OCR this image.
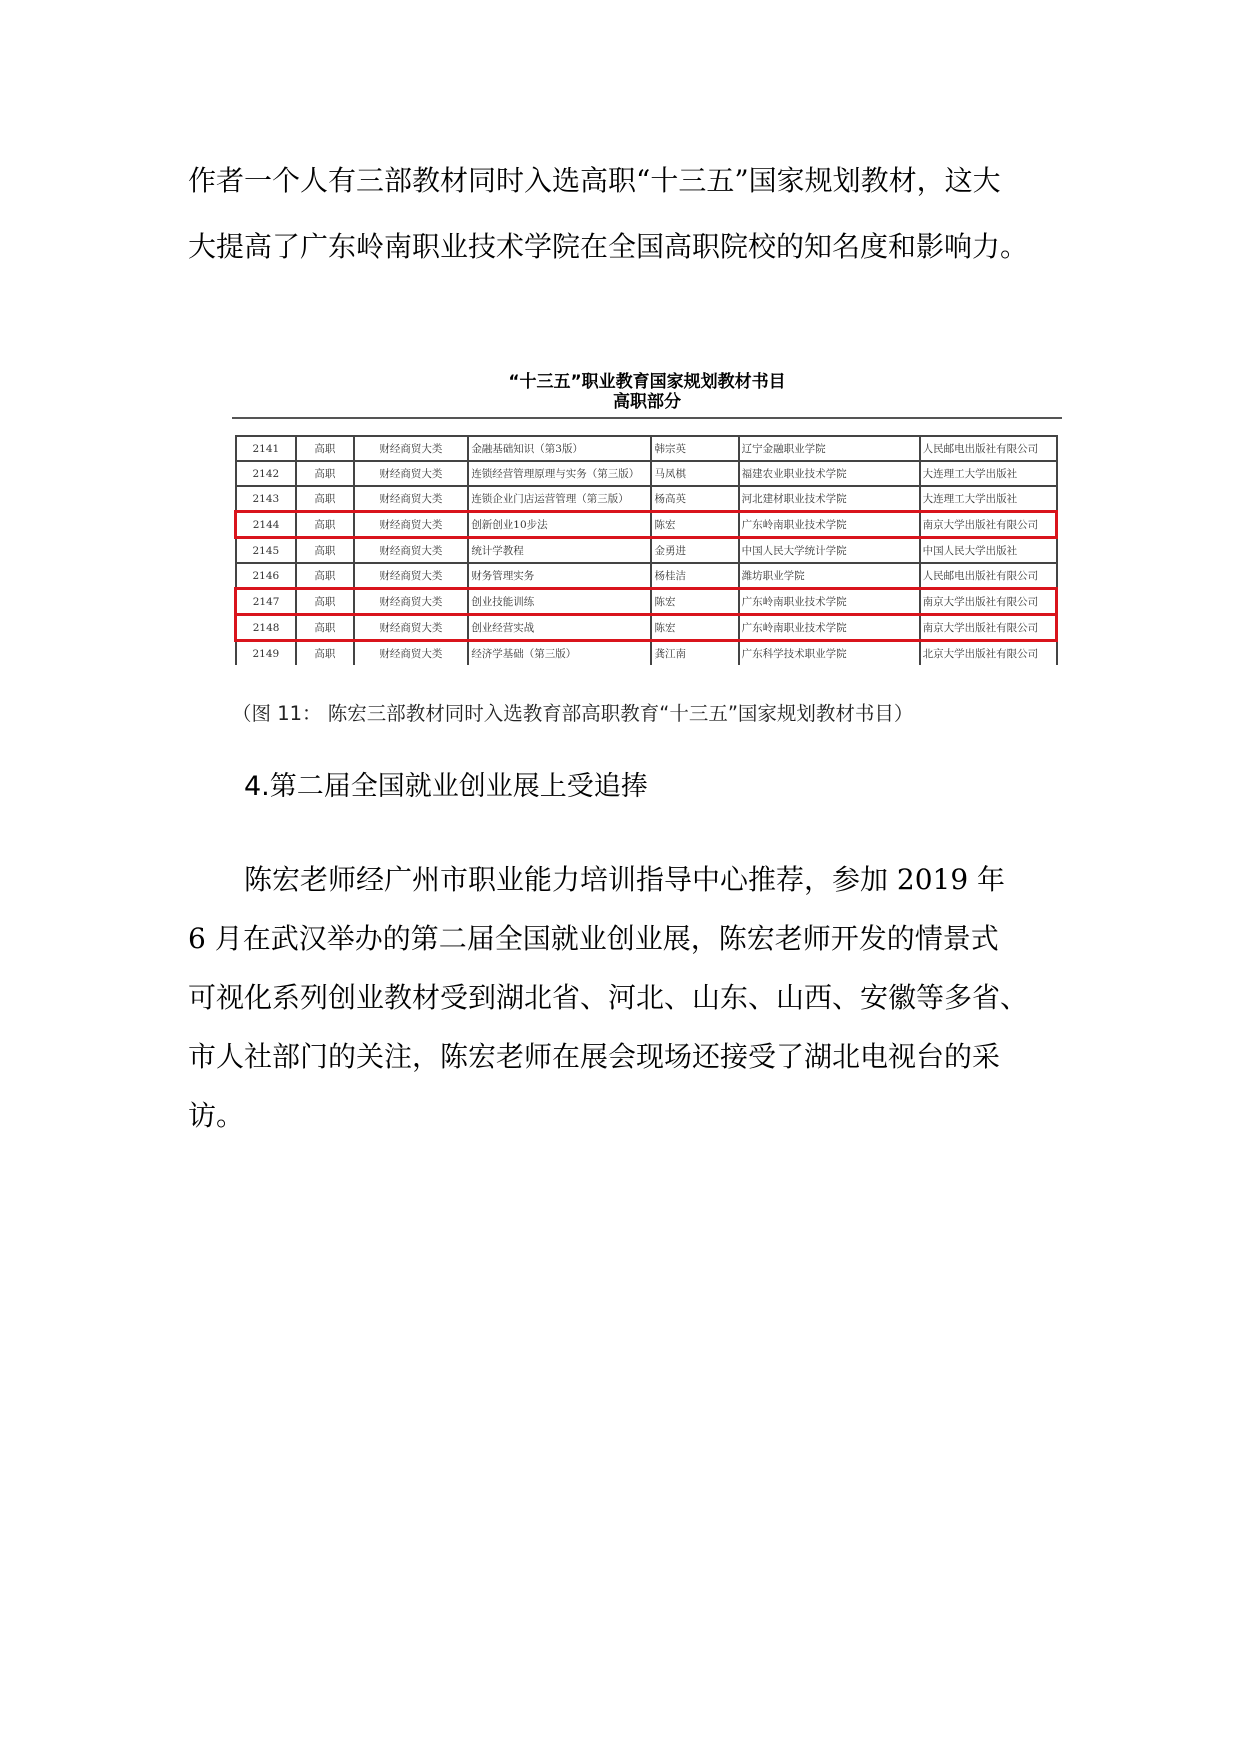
作者一个人有三部教材同时入选高职“十三五”国家规划教材，这大
大提高了广东岭南职业技术学院在全国高职院校的知名度和影响力。

“十三五”职业教育国家规划教材书目
高职部分
2141	高职	财经商贸大类	金融基础知识（第3版）	韩宗英	辽宁金融职业学院	人民邮电出版社有限公司
2142	高职	财经商贸大类	连锁经营管理原理与实务（第三版）	马凤棋	福建农业职业技术学院	大连理工大学出版社
2143	高职	财经商贸大类	连锁企业门店运营管理（第三版）	杨高英	河北建材职业技术学院	大连理工大学出版社
2144	高职	财经商贸大类	创新创业10步法	陈宏	广东岭南职业技术学院	南京大学出版社有限公司
2145	高职	财经商贸大类	统计学教程	金勇进	中国人民大学统计学院	中国人民大学出版社
2146	高职	财经商贸大类	财务管理实务	杨桂洁	潍坊职业学院	人民邮电出版社有限公司
2147	高职	财经商贸大类	创业技能训练	陈宏	广东岭南职业技术学院	南京大学出版社有限公司
2148	高职	财经商贸大类	创业经营实战	陈宏	广东岭南职业技术学院	南京大学出版社有限公司
2149	高职	财经商贸大类	经济学基础（第三版）	龚江南	广东科学技术职业学院	北京大学出版社有限公司
（图 11： 陈宏三部教材同时入选教育部高职教育“十三五”国家规划教材书目）
4.第二届全国就业创业展上受追捧

陈宏老师经广州市职业能力培训指导中心推荐，参加 2019 年
6 月在武汉举办的第二届全国就业创业展，陈宏老师开发的情景式
可视化系列创业教材受到湖北省、河北、山东、山西、安徽等多省、
市人社部门的关注，陈宏老师在展会现场还接受了湖北电视台的采
访。
